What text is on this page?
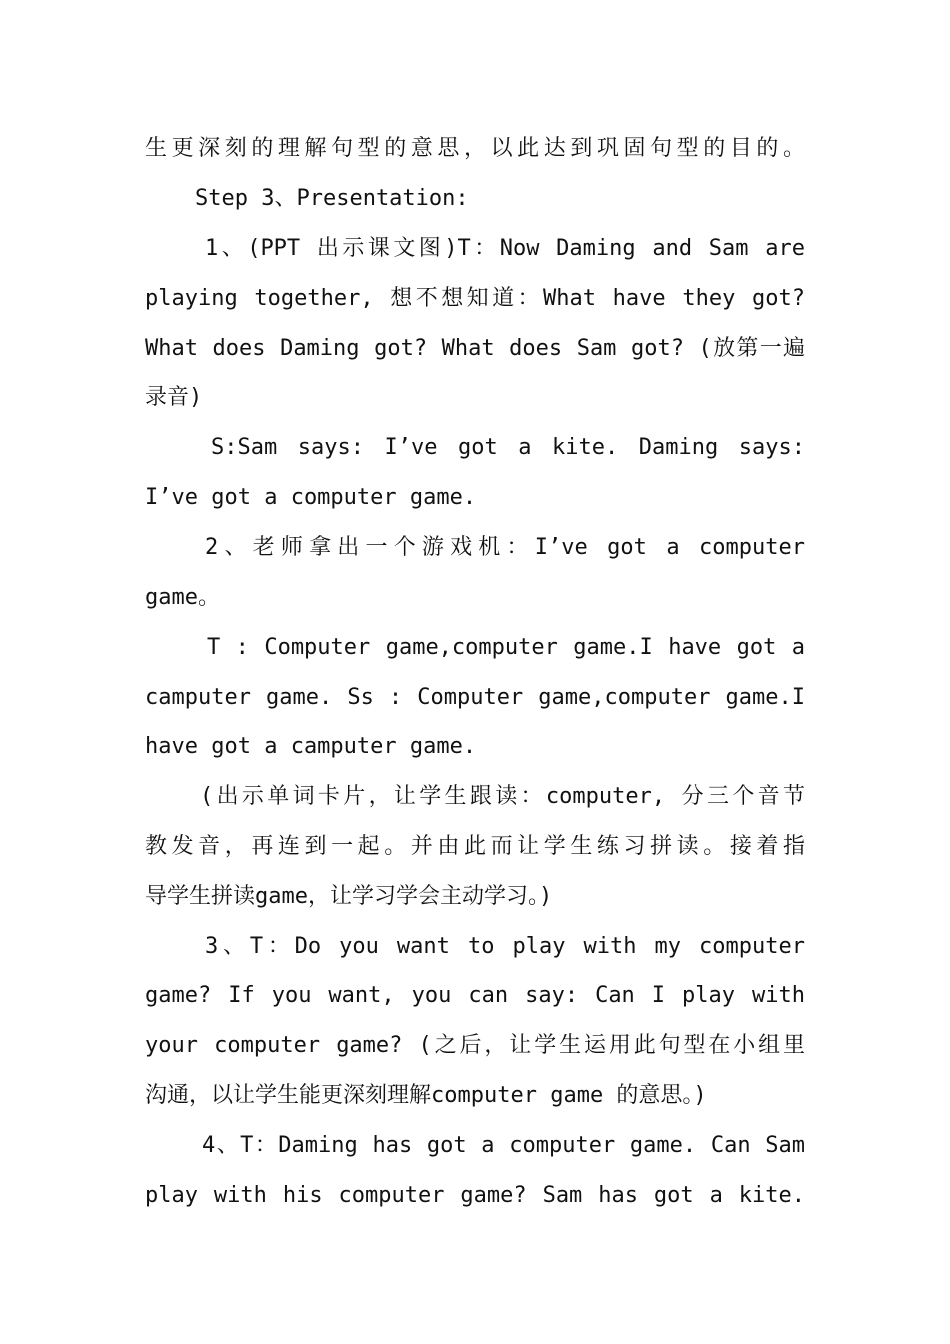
生更深刻的理解句型的意思，以此达到巩固句型的目的。
Step 3、Presentation:
1、(PPT 出示课文图)T：Now Daming and Sam are
playing together, 想不想知道：What have they got?
What does Daming got? What does Sam got? (放第一遍
录音)
S:Sam says: I’ve got a kite. Daming says:
I’ve got a computer game.
2、老师拿出一个游戏机：I’ve got a computer
game。
T : Computer game,computer game.I have got a
camputer game. Ss : Computer game,computer game.I
have got a camputer game.
(出示单词卡片，让学生跟读：computer, 分三个音节
教发音，再连到一起。并由此而让学生练习拼读。接着指
导学生拼读game，让学习学会主动学习。)
3、T：Do you want to play with my computer
game? If you want, you can say: Can I play with
your computer game? (之后，让学生运用此句型在小组里
沟通，以让学生能更深刻理解computer game 的意思。)
4、T：Daming has got a computer game. Can Sam
play with his computer game? Sam has got a kite.
